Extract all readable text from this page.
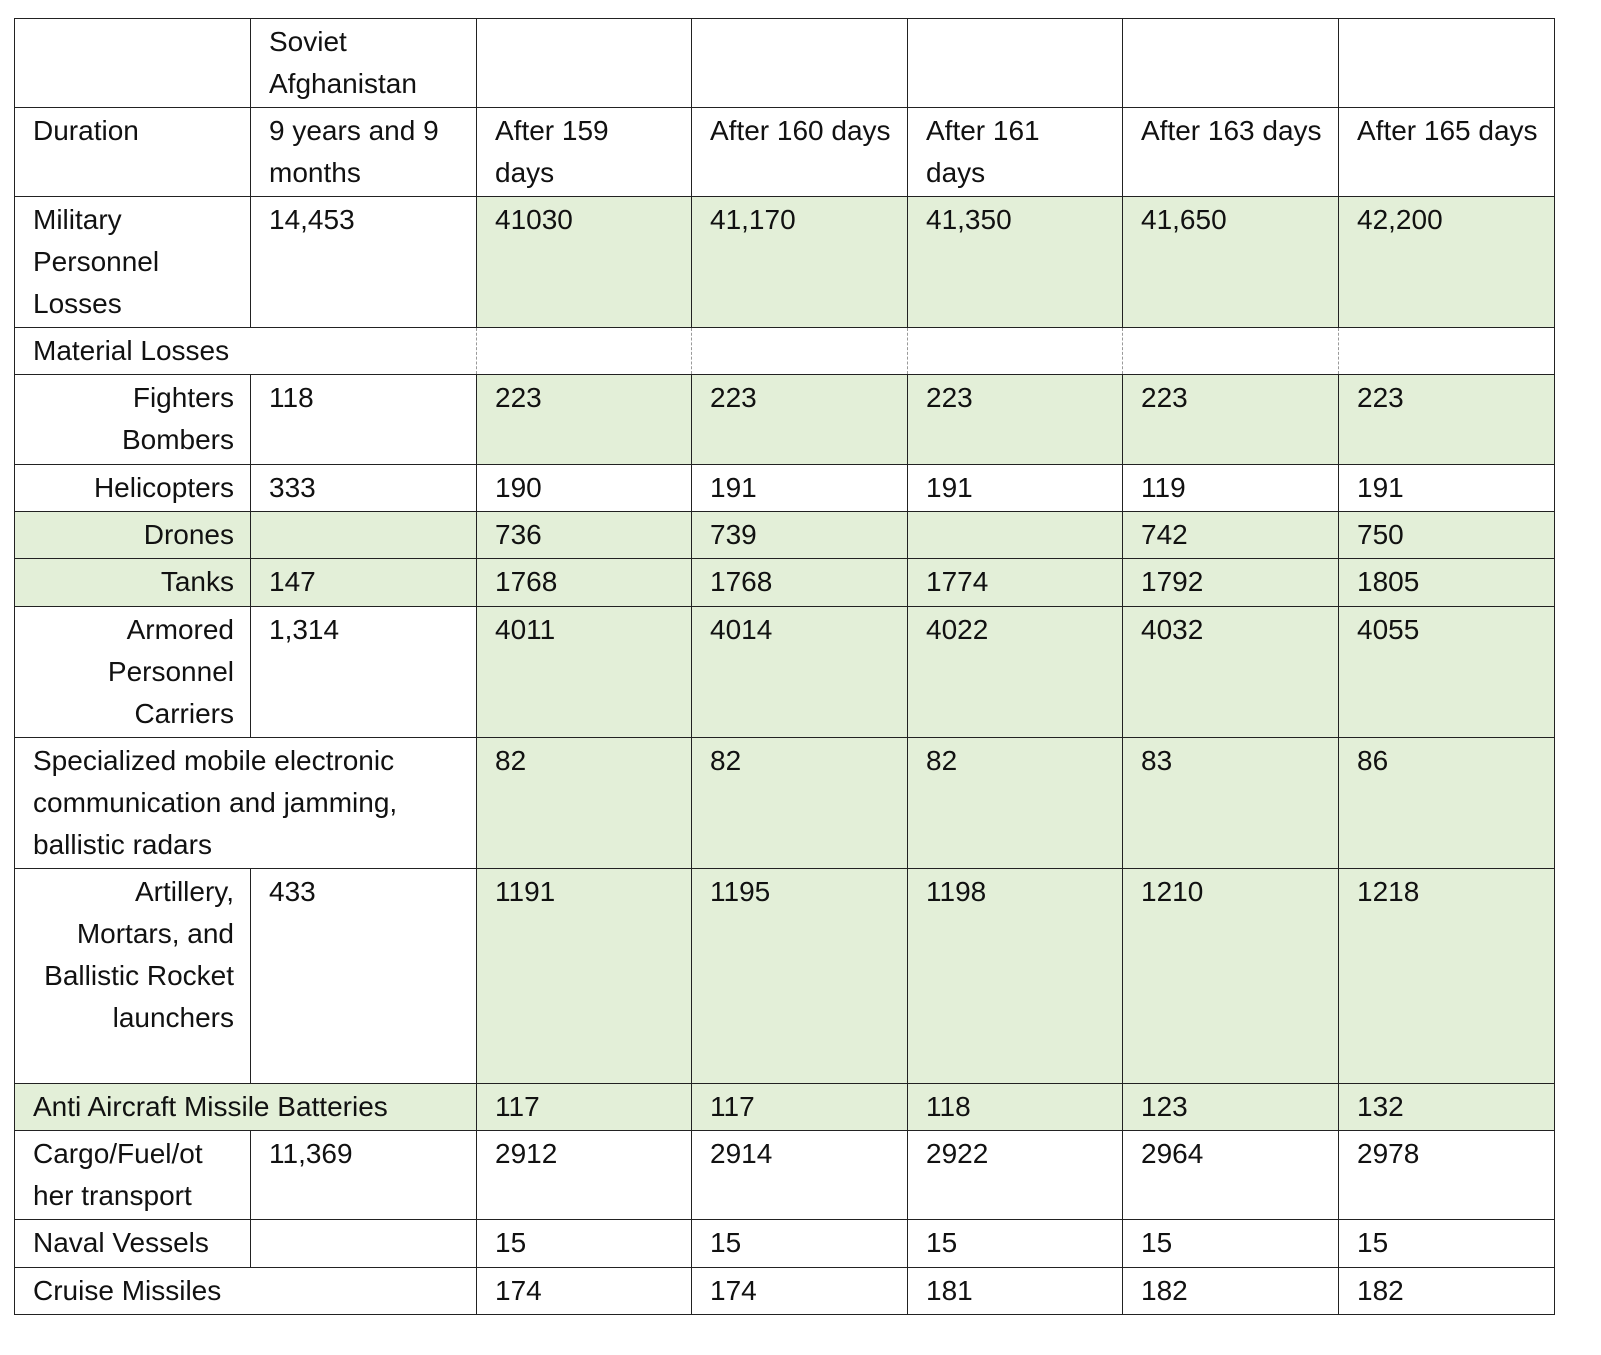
	Soviet Afghanistan					
Duration	9 years and 9 months	After 159 days	After 160 days	After 161 days	After 163 days	After 165 days
Military Personnel Losses	14,453	41030	41,170	41,350	41,650	42,200
Material Losses						
Fighters Bombers	118	223	223	223	223	223
Helicopters	333	190	191	191	119	191
Drones		736	739		742	750
Tanks	147	1768	1768	1774	1792	1805
Armored Personnel Carriers	1,314	4011	4014	4022	4032	4055
Specialized mobile electronic communication and jamming, ballistic radars		82	82	82	83	86
Artillery, Mortars, and Ballistic Rocket launchers	433	1191	1195	1198	1210	1218
Anti Aircraft Missile Batteries		117	117	118	123	132
Cargo/Fuel/ot her transport	11,369	2912	2914	2922	2964	2978
Naval Vessels		15	15	15	15	15
Cruise Missiles		174	174	181	182	182
